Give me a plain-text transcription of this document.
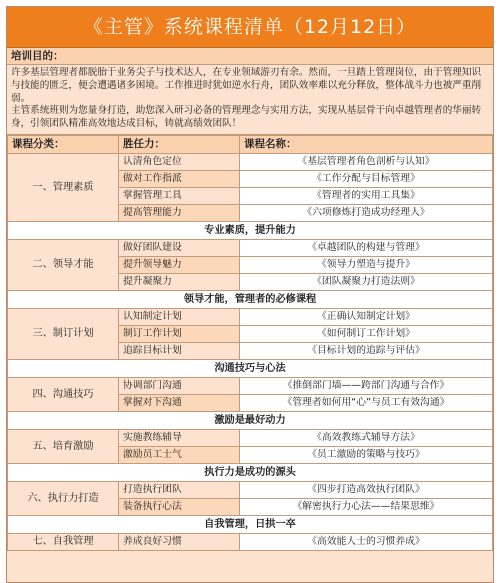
《主管》系统课程清单（12月12日）
培训目的：

许多基层管理者都脱胎于业务尖子与技术达人，在专业领域游刃有余。然而，一旦踏上管理岗位，由于管理知识与技能的匮乏，便会遭遇诸多困境。工作推进时犹如逆水行舟，团队效率难以充分释放，整体战斗力也被严重削弱。

主管系统班则为您量身打造，助您深入研习必备的管理理念与实用方法，实现从基层骨干向卓越管理者的华丽转身，引领团队精准高效地达成目标，铸就高绩效团队！

课程分类：	胜任力：	课程名称：
一、管理素质	认清角色定位	《基层管理者角色剖析与认知》
	做对工作指派	《工作分配与目标管理》
	掌握管理工具	《管理者的实用工具集》
	提高管理能力	《六项修炼打造成功经理人》
专业素质，提升能力		
二、领导才能	做好团队建设	《卓越团队的构建与管理》
	提升领导魅力	《领导力塑造与提升》
	提升凝聚力	《团队凝聚力打造法则》
领导才能，管理者的必修课程		
三、制订计划	认知制定计划	《正确认知制定计划》
	制订工作计划	《如何制订工作计划》
	追踪目标计划	《目标计划的追踪与评估》
沟通技巧与心法		
四、沟通技巧	协调部门沟通	《推倒部门墙——跨部门沟通与合作》
	掌握对下沟通	《管理者如何用“心”与员工有效沟通》
激励是最好动力		
五、培育激励	实施教练辅导	《高效教练式辅导方法》
	激励员工士气	《员工激励的策略与技巧》
执行力是成功的源头		
六、执行力打造	打造执行团队	《四步打造高效执行团队》
	装备执行心法	《解密执行力心法——结果思维》
自我管理，日拱一卒		
七、自我管理	养成良好习惯	《高效能人士的习惯养成》
